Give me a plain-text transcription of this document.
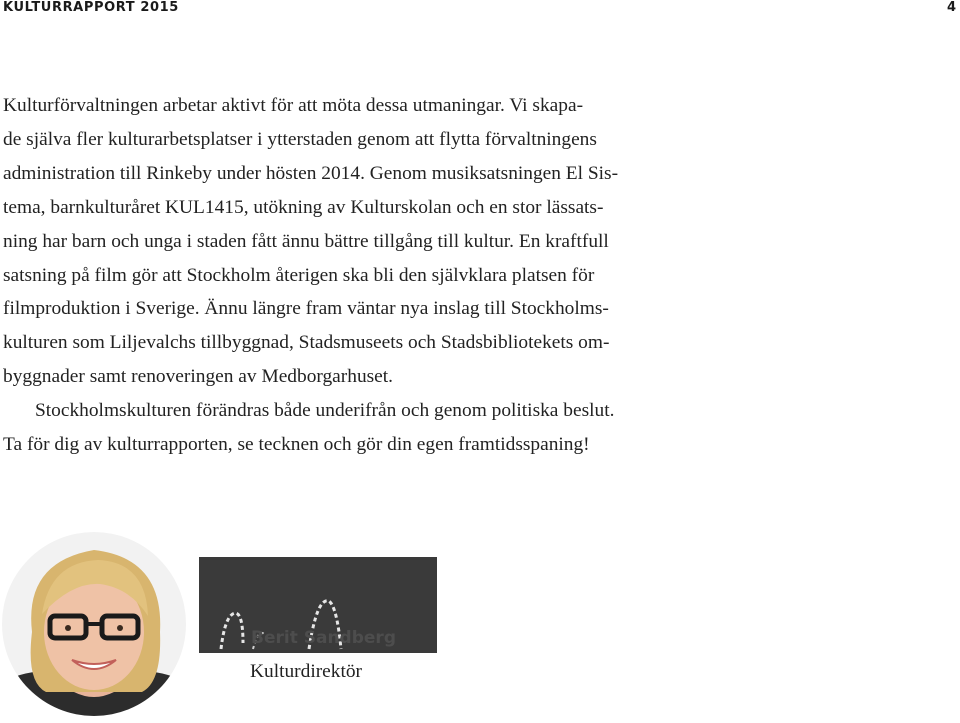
KULTURRAPPORT 2015	4

Kulturförvaltningen arbetar aktivt för att möta dessa utmaningar. Vi skapa-
de själva fler kulturarbetsplatser i ytterstaden genom att flytta förvaltningens
administration till Rinkeby under hösten 2014. Genom musiksatsningen El Sis-
tema, barnkulturåret KUL1415, utökning av Kulturskolan och en stor lässats-
ning har barn och unga i staden fått ännu bättre tillgång till kultur. En kraftfull
satsning på film gör att Stockholm återigen ska bli den självklara platsen för
filmproduktion i Sverige. Ännu längre fram väntar nya inslag till Stockholms-
kulturen som Liljevalchs tillbyggnad, Stadsmuseets och Stadsbibliotekets om-
byggnader samt renoveringen av Medborgarhuset.

Stockholmskulturen förändras både underifrån och genom politiska beslut.
Ta för dig av kulturrapporten, se tecknen och gör din egen framtidsspaning!

Berit Sandberg
Kulturdirektör
